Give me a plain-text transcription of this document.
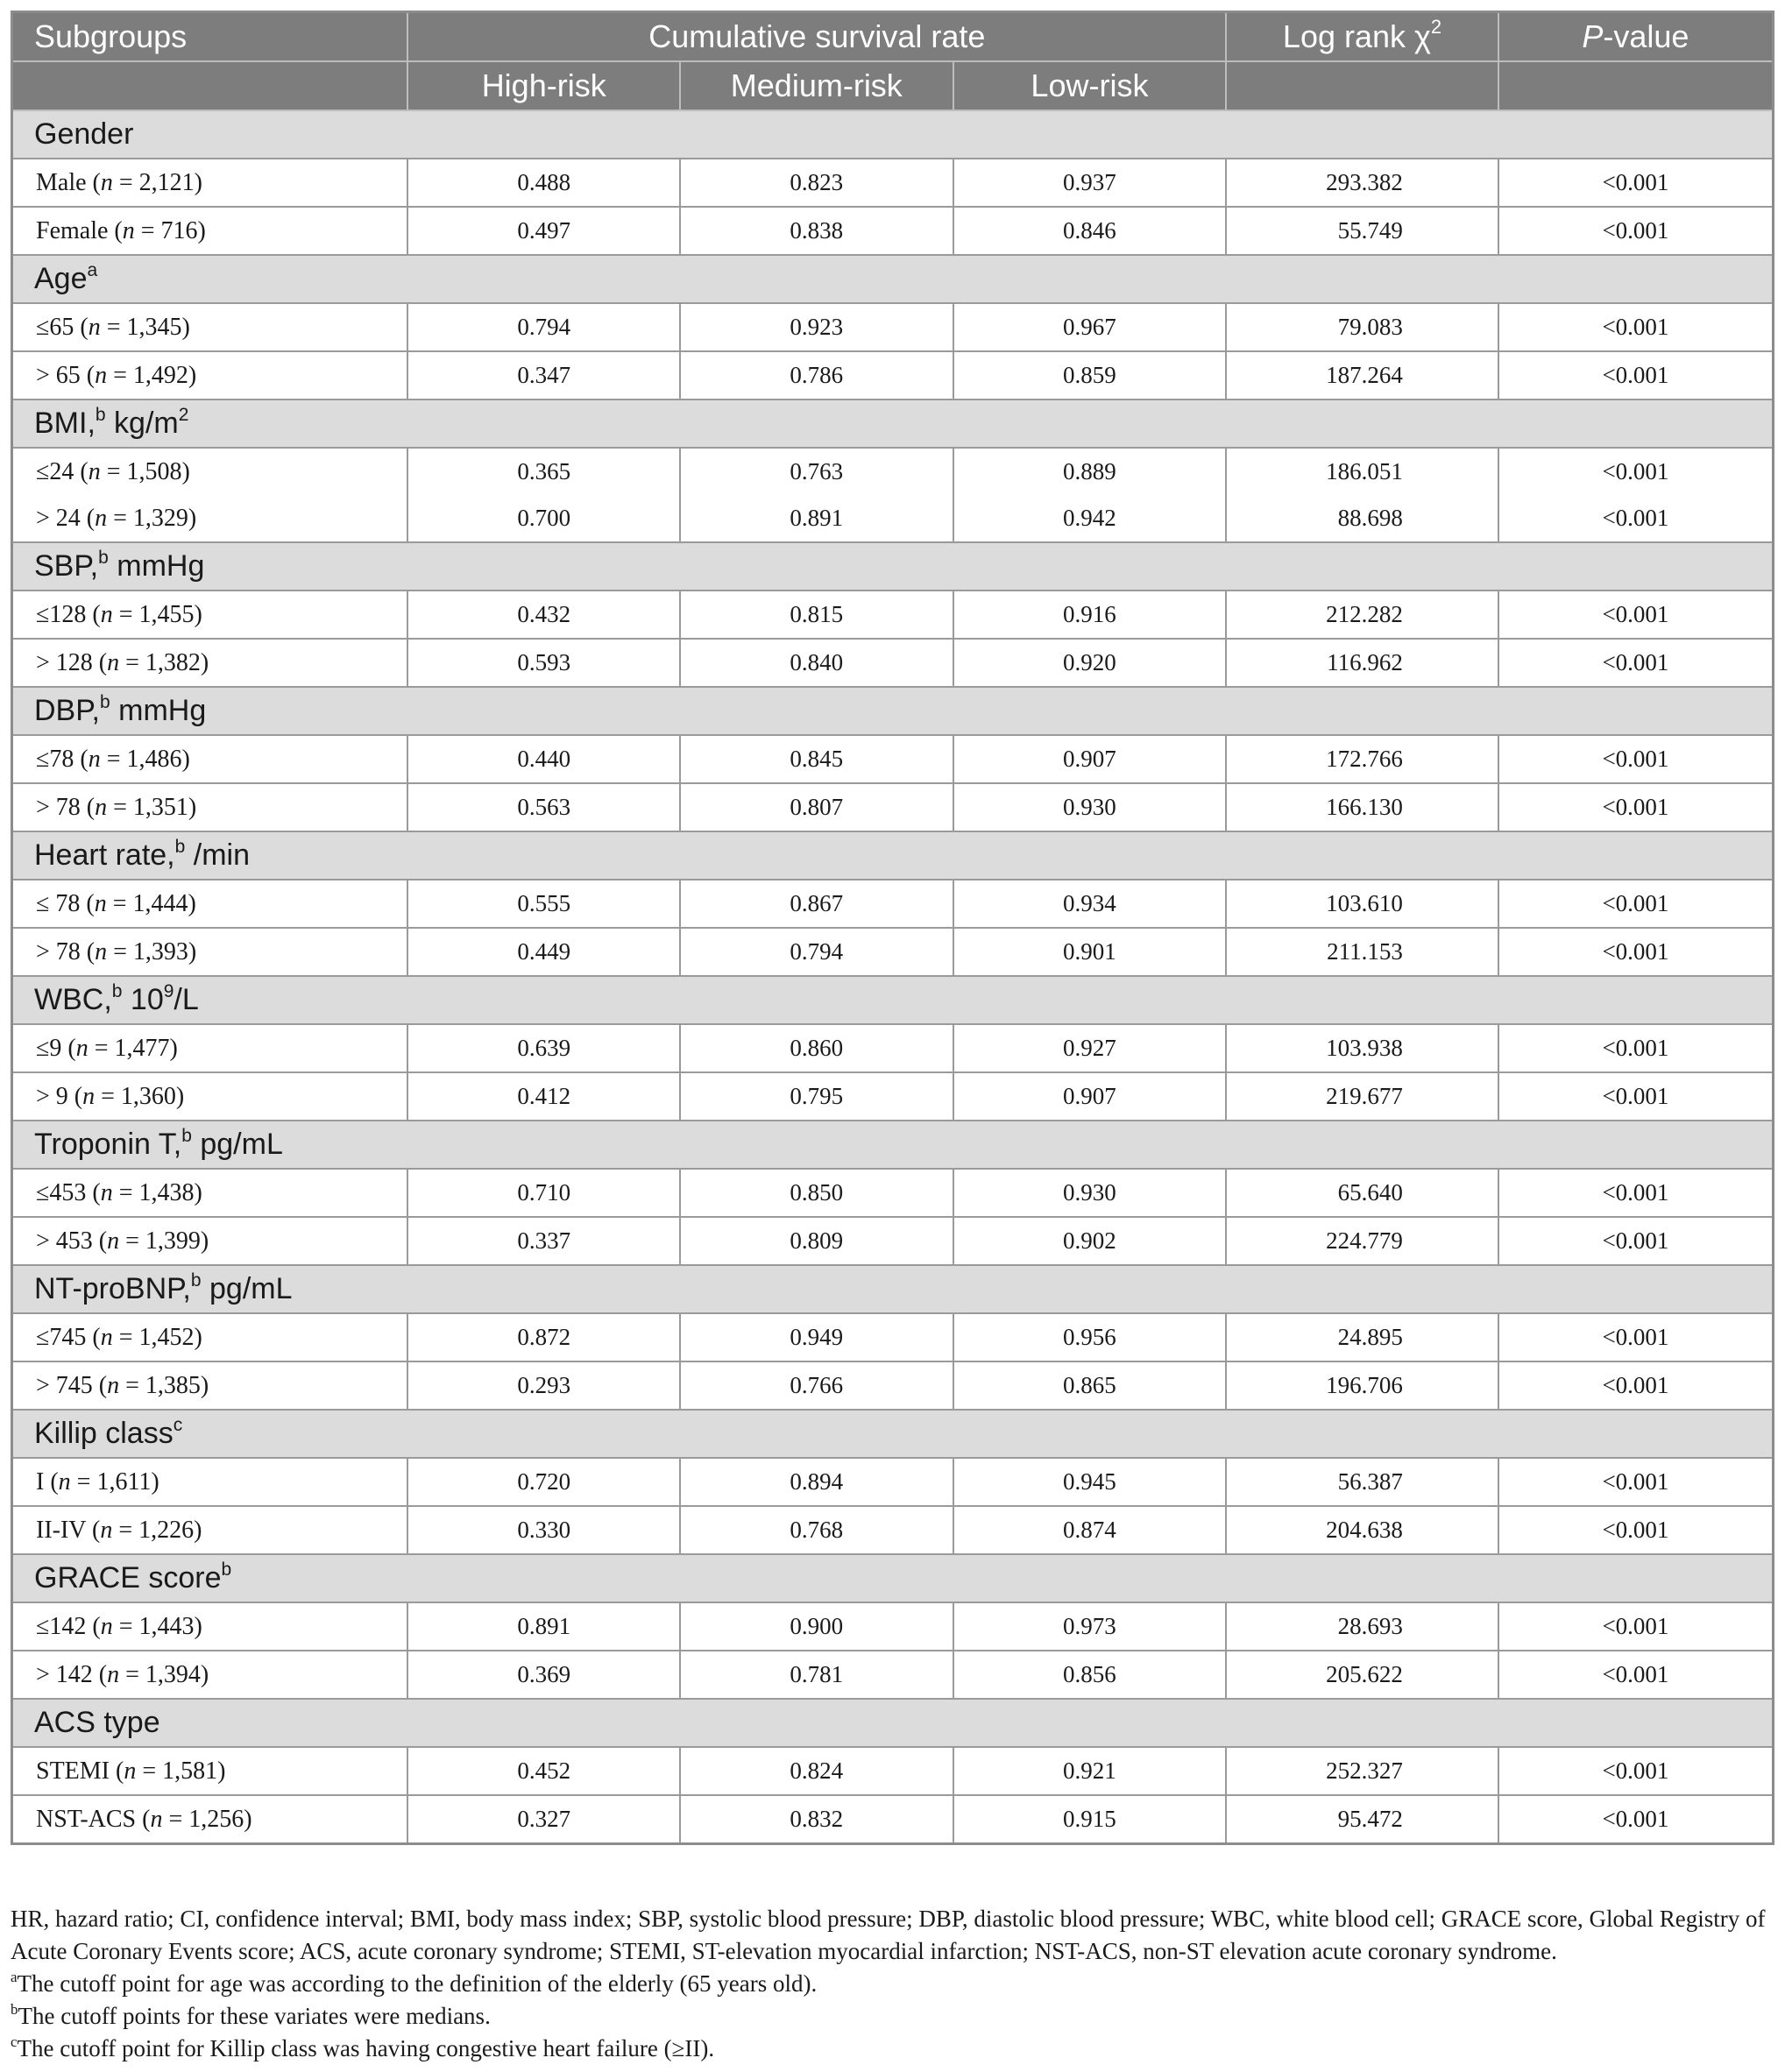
Subgroups	Cumulative survival rate			Log rank $\chi^2$	P-value
	High-risk	Medium-risk	Low-risk		
Gender					
Male (n = 2,121)	0.488	0.823	0.937	293.382	<0.001
Female (n = 716)	0.497	0.838	0.846	55.749	<0.001
Age$^a$
≤65 (n = 1,345)	0.794	0.923	0.967	79.083	<0.001
> 65 (n = 1,492)	0.347	0.786	0.859	187.264	<0.001
BMI,$^b$ $kg/m^2$
≤24 (n = 1,508)	0.365	0.763	0.889	186.051	<0.001
> 24 (n = 1,329)	0.700	0.891	0.942	88.698	<0.001
SBP,$^b$ mmHg					
≤128 (n = 1,455)	0.432	0.815	0.916	212.282	<0.001
> 128 (n = 1,382)	0.593	0.840	0.920	116.962	<0.001
DBP,$^b$ mmHg					
≤78 (n = 1,486)	0.440	0.845	0.907	172.766	<0.001
> 78 (n = 1,351)	0.563	0.807	0.930	166.130	<0.001
Heart rate,$^b$ /min					
≤ 78 (n = 1,444)	0.555	0.867	0.934	103.610	<0.001
> 78 (n = 1,393)	0.449	0.794	0.901	211.153	<0.001
WBC,$^b$ $10^9/L$					
≤9 (n = 1,477)	0.639	0.860	0.927	103.938	<0.001
> 9 (n = 1,360)	0.412	0.795	0.907	219.677	<0.001
Troponin T,$^b$ pg/mL					
≤453 (n = 1,438)	0.710	0.850	0.930	65.640	<0.001
> 453 (n = 1,399)	0.337	0.809	0.902	224.779	<0.001
NT-proBNP,$^b$ pg/mL					
≤745 (n = 1,452)	0.872	0.949	0.956	24.895	<0.001
> 745 (n = 1,385)	0.293	0.766	0.865	196.706	<0.001
Killip class$^c$
I (n = 1,611)	0.720	0.894	0.945	56.387	<0.001
II-IV (n = 1,226)	0.330	0.768	0.874	204.638	<0.001
GRACE score$^b$
≤142 (n = 1,443)	0.891	0.900	0.973	28.693	<0.001
> 142 (n = 1,394)	0.369	0.781	0.856	205.622	<0.001
ACS type					
STEMI (n = 1,581)	0.452	0.824	0.921	252.327	<0.001
NST-ACS (n = 1,256)	0.327	0.832	0.915	95.472	<0.001

HR, hazard ratio; CI, confidence interval; BMI, body mass index; SBP, systolic blood pressure; DBP, diastolic blood pressure; WBC, white blood cell; GRACE score, Global Registry of Acute Coronary Events score; ACS, acute coronary syndrome; STEMI, ST-elevation myocardial infarction; NST-ACS, non-ST elevation acute coronary syndrome.

$^a$The cutoff point for age was according to the definition of the elderly (65 years old).

$^b$The cutoff points for these variates were medians.

$^c$The cutoff point for Killip class was having congestive heart failure (≥II).
